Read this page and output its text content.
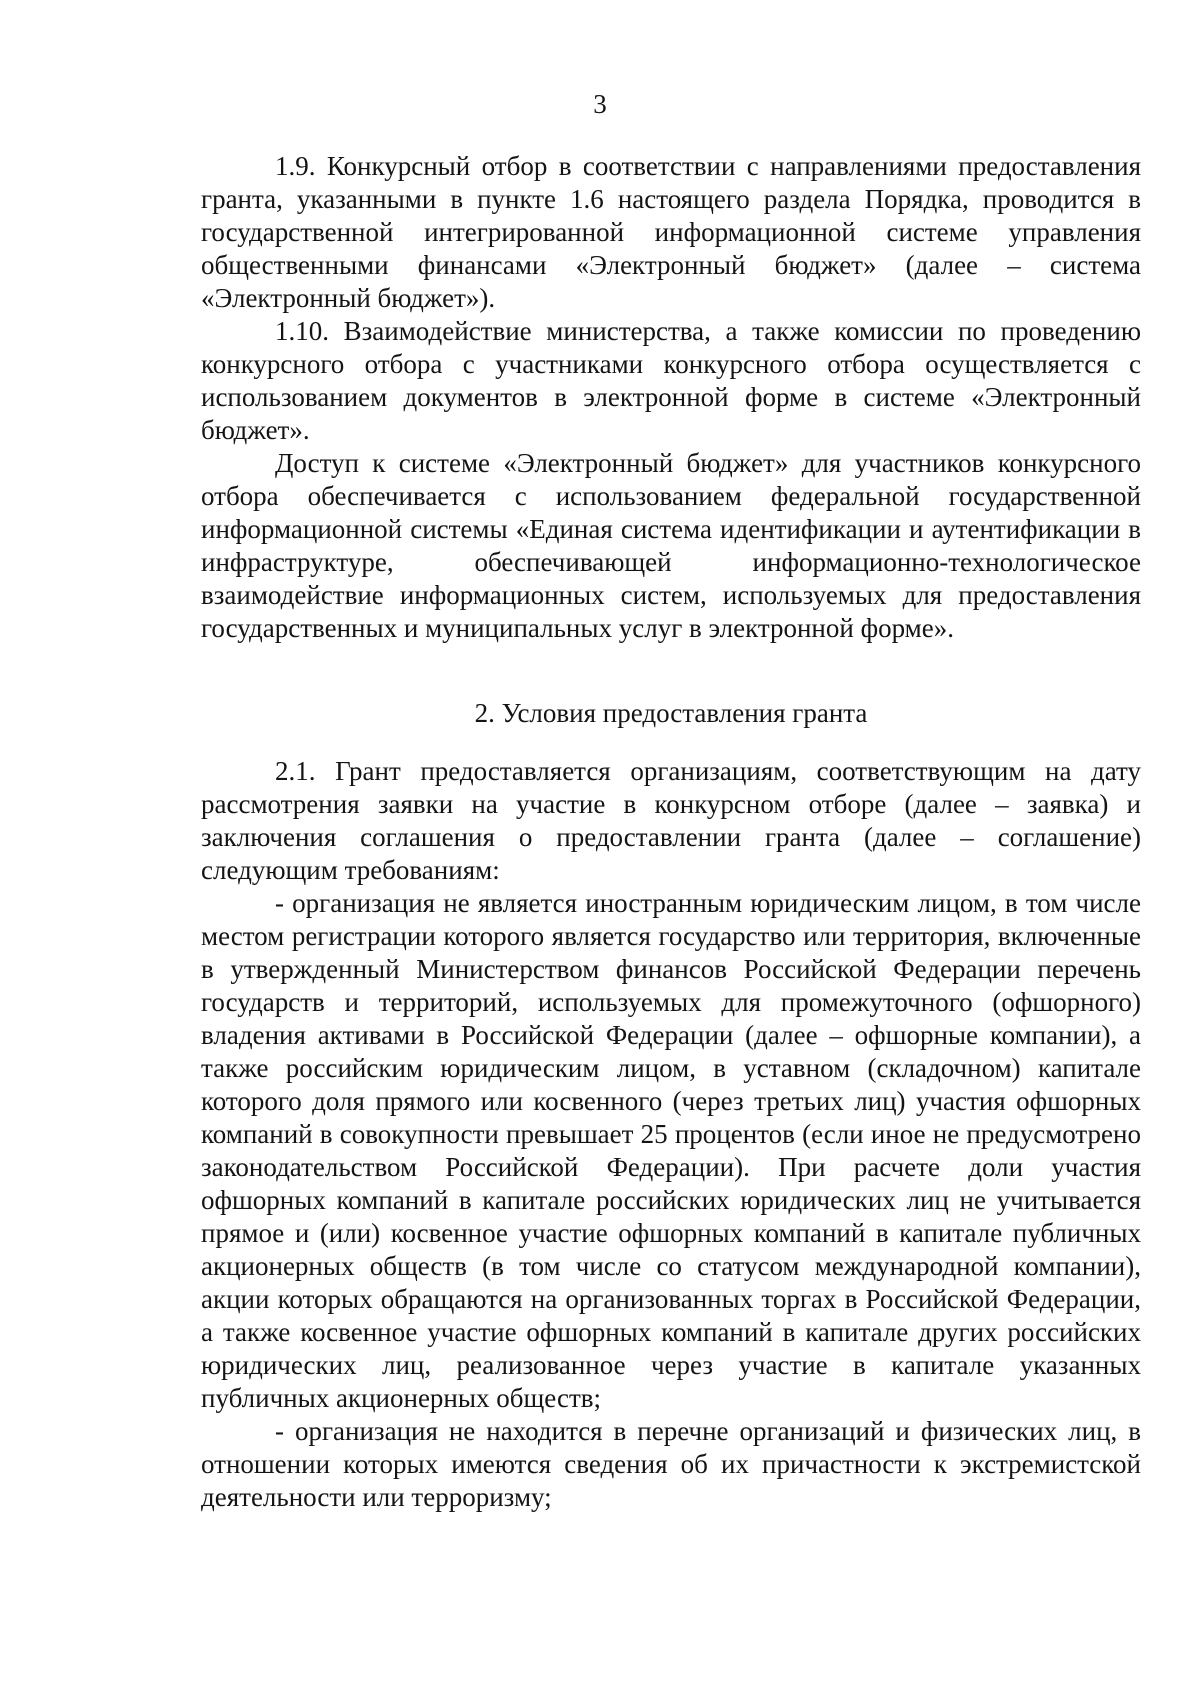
3

1.9. Конкурсный отбор в соответствии с направлениями предоставления гранта, указанными в пункте 1.6 настоящего раздела Порядка, проводится в государственной интегрированной информационной системе управления общественными финансами «Электронный бюджет» (далее – система «Электронный бюджет»).

1.10. Взаимодействие министерства, а также комиссии по проведению конкурсного отбора с участниками конкурсного отбора осуществляется с использованием документов в электронной форме в системе «Электронный бюджет».

Доступ к системе «Электронный бюджет» для участников конкурсного отбора обеспечивается с использованием федеральной государственной информационной системы «Единая система идентификации и аутентификации в инфраструктуре, обеспечивающей информационно-технологическое взаимодействие информационных систем, используемых для предоставления государственных и муниципальных услуг в электронной форме».

2. Условия предоставления гранта

2.1. Грант предоставляется организациям, соответствующим на дату рассмотрения заявки на участие в конкурсном отборе (далее – заявка) и заключения соглашения о предоставлении гранта (далее – соглашение) следующим требованиям:

- организация не является иностранным юридическим лицом, в том числе местом регистрации которого является государство или территория, включенные в утвержденный Министерством финансов Российской Федерации перечень государств и территорий, используемых для промежуточного (офшорного) владения активами в Российской Федерации (далее – офшорные компании), а также российским юридическим лицом, в уставном (складочном) капитале которого доля прямого или косвенного (через третьих лиц) участия офшорных компаний в совокупности превышает 25 процентов (если иное не предусмотрено законодательством Российской Федерации). При расчете доли участия офшорных компаний в капитале российских юридических лиц не учитывается прямое и (или) косвенное участие офшорных компаний в капитале публичных акционерных обществ (в том числе со статусом международной компании), акции которых обращаются на организованных торгах в Российской Федерации, а также косвенное участие офшорных компаний в капитале других российских юридических лиц, реализованное через участие в капитале указанных публичных акционерных обществ;

- организация не находится в перечне организаций и физических лиц, в отношении которых имеются сведения об их причастности к экстремистской деятельности или терроризму;
